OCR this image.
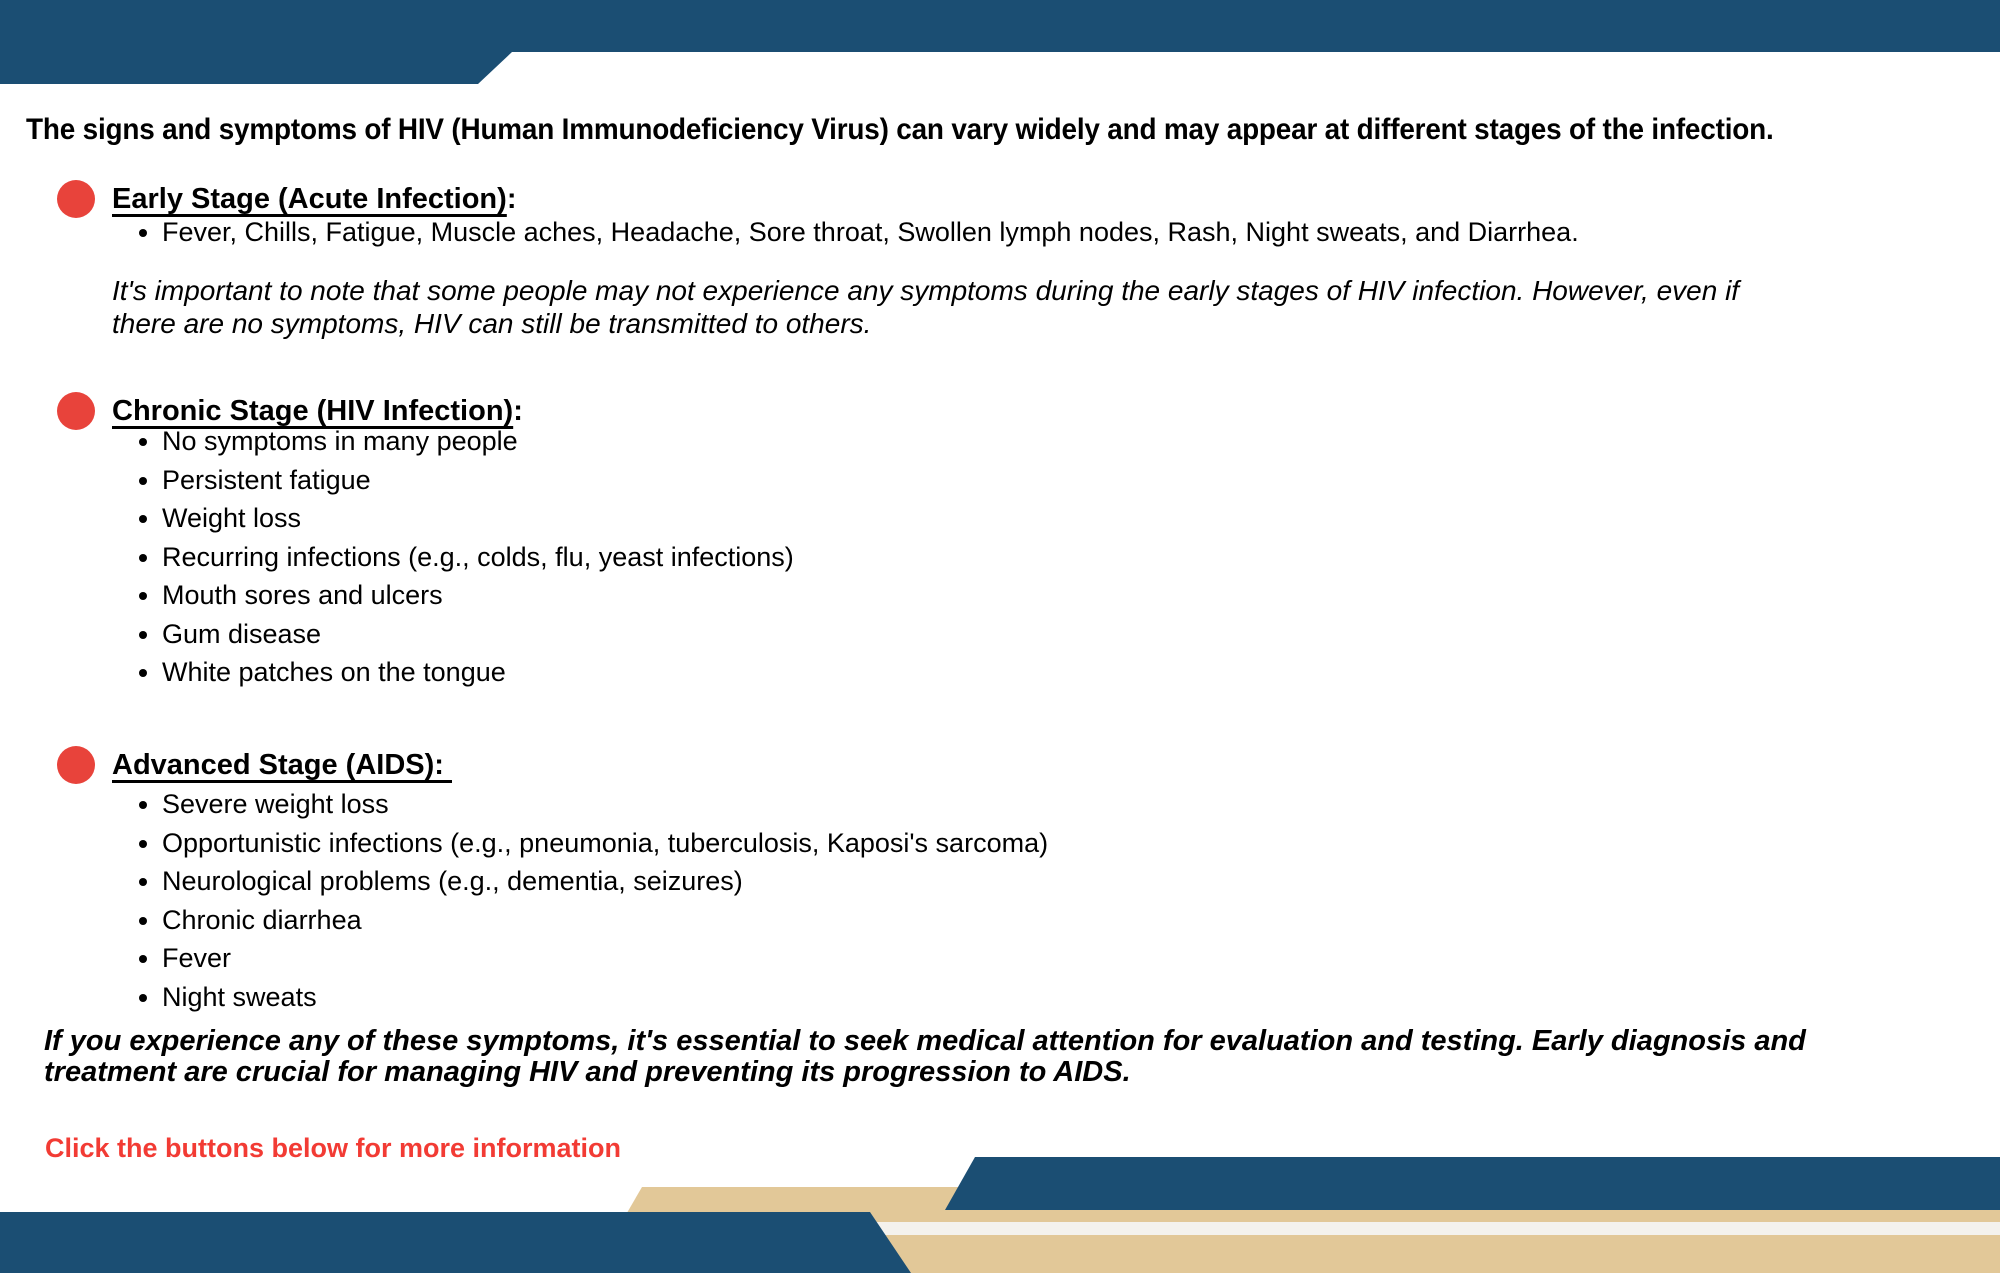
The signs and symptoms of HIV (Human Immunodeficiency Virus) can vary widely and may appear at different stages of the infection.
Early Stage (Acute Infection):
• Fever, Chills, Fatigue, Muscle aches, Headache, Sore throat, Swollen lymph nodes, Rash, Night sweats, and Diarrhea.
It's important to note that some people may not experience any symptoms during the early stages of HIV infection. However, even if
there are no symptoms, HIV can still be transmitted to others.
Chronic Stage (HIV Infection):
• No symptoms in many people
• Persistent fatigue
• Weight loss
• Recurring infections (e.g., colds, flu, yeast infections)
• Mouth sores and ulcers
• Gum disease
• White patches on the tongue
Advanced Stage (AIDS):
• Severe weight loss
• Opportunistic infections (e.g., pneumonia, tuberculosis, Kaposi's sarcoma)
• Neurological problems (e.g., dementia, seizures)
• Chronic diarrhea
• Fever
• Night sweats
If you experience any of these symptoms, it's essential to seek medical attention for evaluation and testing. Early diagnosis and
treatment are crucial for managing HIV and preventing its progression to AIDS.
Click the buttons below for more information
